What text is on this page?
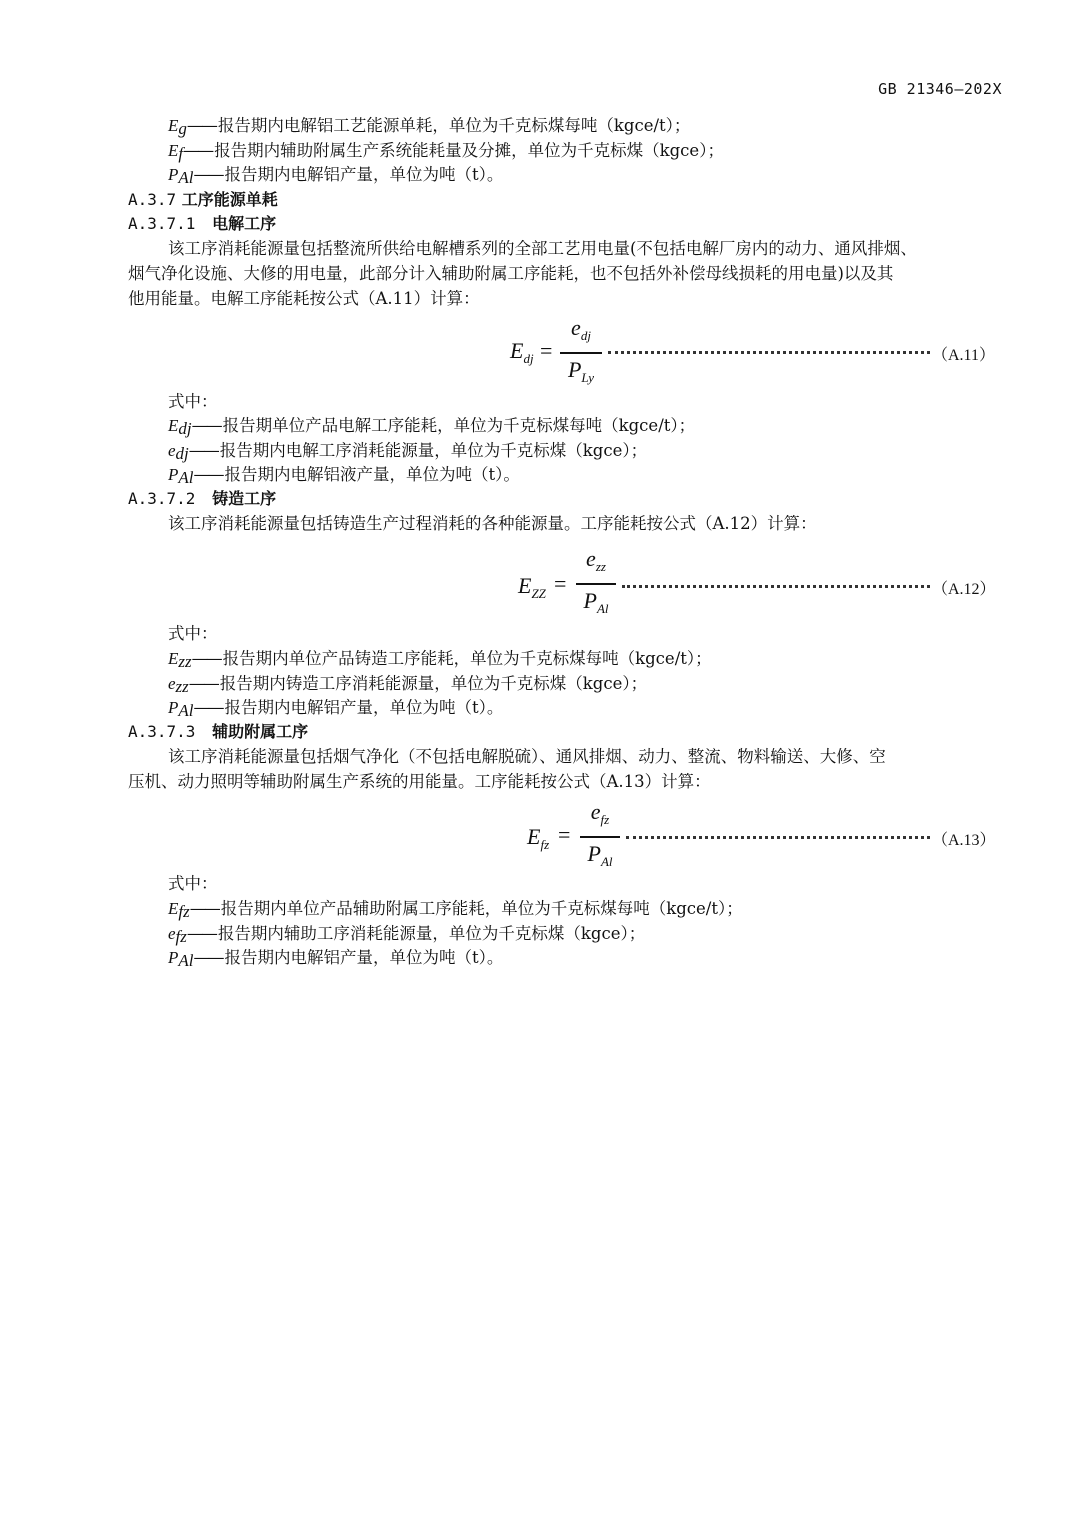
GB 21346—202X
$E_g——$ 报告期内电解铝工艺能源单耗，单位为千克标煤每吨（kgce/t）；
$E_f——$ 报告期内辅助附属生产系统能耗量及分摊，单位为千克标煤（kgce）；
$P_{Al}——$ 报告期内电解铝产量，单位为吨（t）。
A.3.7 工序能源单耗
A.3.7.1 电解工序
该工序消耗能源量包括整流所供给电解槽系列的全部工艺用电量(不包括电解厂房内的动力、通风排烟、
烟气净化设施、大修的用电量，此部分计入辅助附属工序能耗，也不包括外补偿母线损耗的用电量)以及其
他用能量。电解工序能耗按公式（A.11）计算：
$E_{dj}$ =
$e_{dj}$
$P_{Ly}$
（A.11）
式中：
$E_{dj}——$ 报告期单位产品电解工序能耗，单位为千克标煤每吨（kgce/t）；
$e_{dj}——$ 报告期内电解工序消耗能源量，单位为千克标煤（kgce）；
$P_{Al}——$ 报告期内电解铝液产量，单位为吨（t）。
A.3.7.2 铸造工序
该工序消耗能源量包括铸造生产过程消耗的各种能源量。工序能耗按公式（A.12）计算：
$E_{ZZ}$ =
$e_{zz}$
$P_{Al}$
（A.12）
式中：
$E_{zz}——$ 报告期内单位产品铸造工序能耗，单位为千克标煤每吨（kgce/t）；
$e_{zz}——$ 报告期内铸造工序消耗能源量，单位为千克标煤（kgce）；
$P_{Al}——$ 报告期内电解铝产量，单位为吨（t）。
A.3.7.3 辅助附属工序
该工序消耗能源量包括烟气净化（不包括电解脱硫）、通风排烟、动力、整流、物料输送、大修、空
压机、动力照明等辅助附属生产系统的用能量。工序能耗按公式（A.13）计算：
$E_{fz}$ =
$e_{fz}$
$P_{Al}$
（A.13）
式中：
$E_{fz}——$ 报告期内单位产品辅助附属工序能耗，单位为千克标煤每吨（kgce/t）；
$e_{fz}——$ 报告期内辅助工序消耗能源量，单位为千克标煤（kgce）；
$P_{Al}——$ 报告期内电解铝产量，单位为吨（t）。
